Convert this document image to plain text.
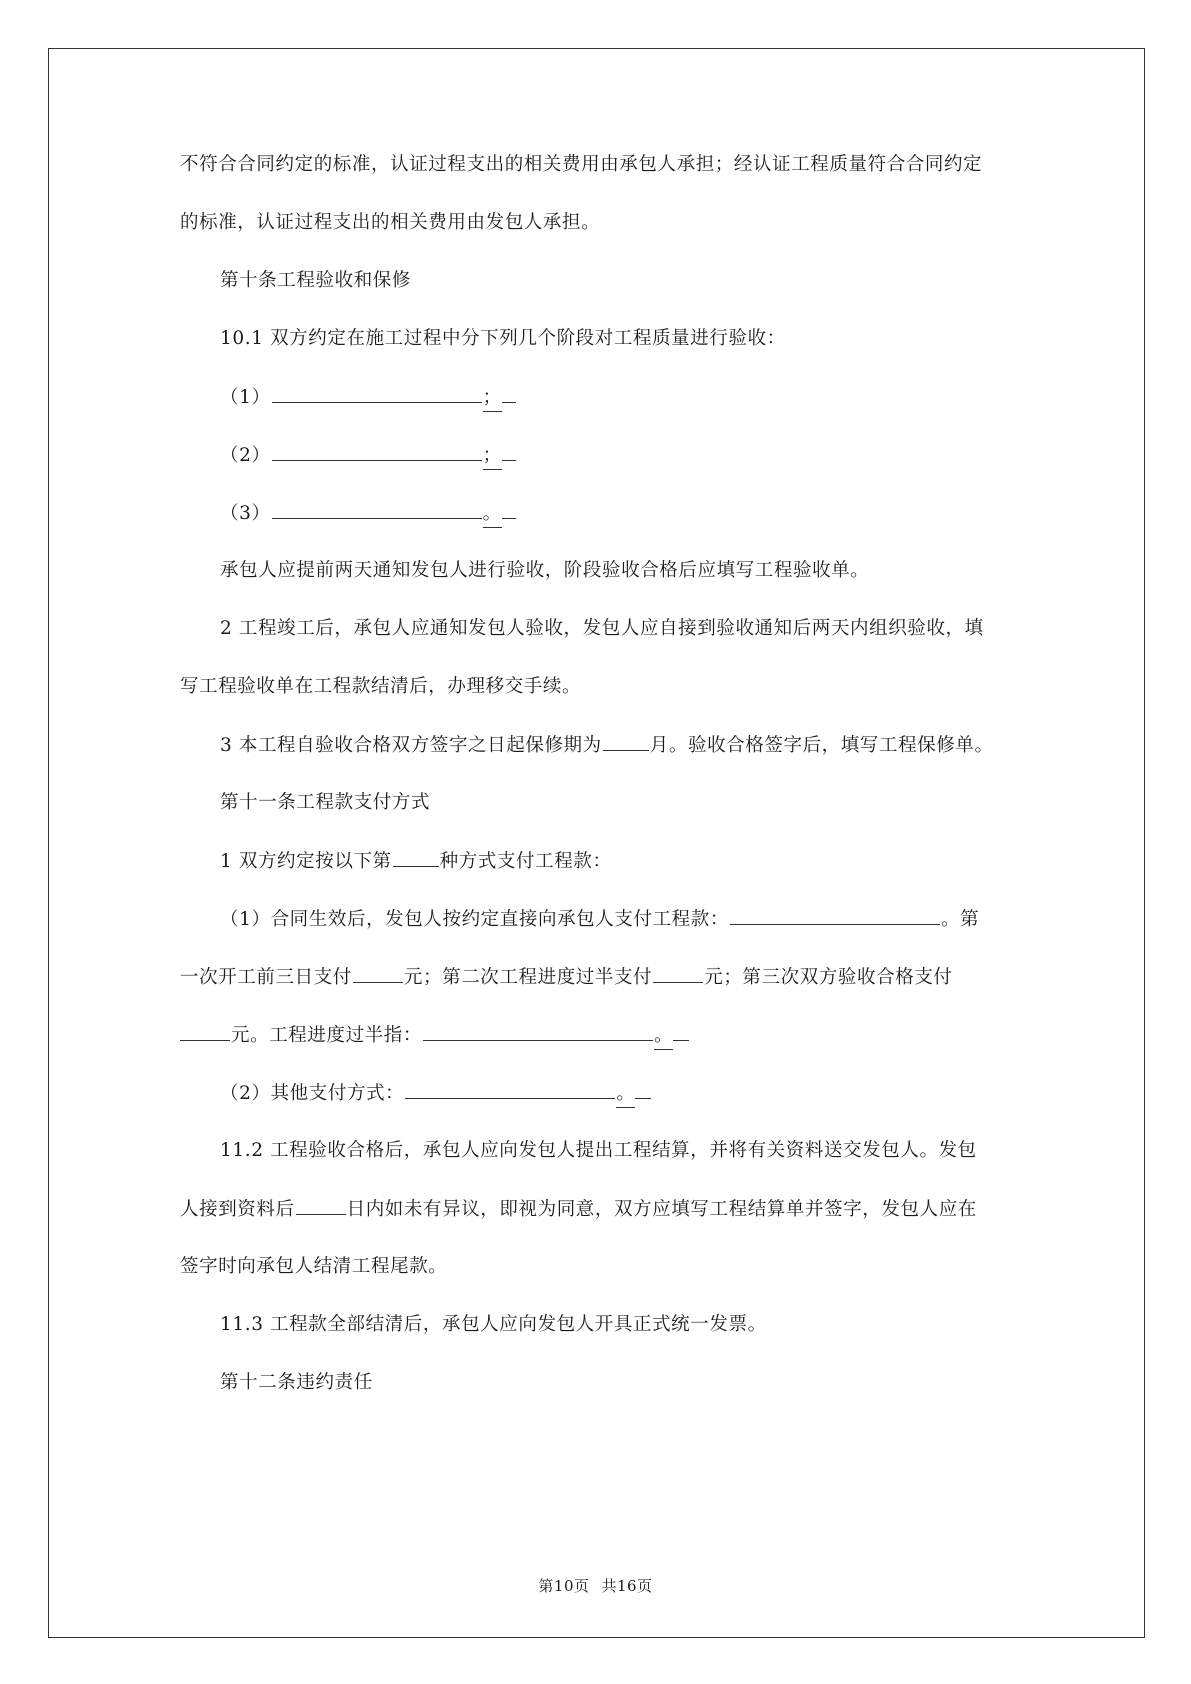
不符合合同约定的标准，认证过程支出的相关费用由承包人承担；经认证工程质量符合合同约定
的标准，认证过程支出的相关费用由发包人承担。
第十条工程验收和保修
10.1 双方约定在施工过程中分下列几个阶段对工程质量进行验收：
（1）	；
（2）	；
（3）	。
承包人应提前两天通知发包人进行验收，阶段验收合格后应填写工程验收单。
2 工程竣工后，承包人应通知发包人验收，发包人应自接到验收通知后两天内组织验收，填
写工程验收单在工程款结清后，办理移交手续。
3 本工程自验收合格双方签字之日起保修期为	月。验收合格签字后，填写工程保修单。
第十一条工程款支付方式
1 双方约定按以下第	种方式支付工程款：
（1）合同生效后，发包人按约定直接向承包人支付工程款：	。第
一次开工前三日支付	元；第二次工程进度过半支付	元；第三次双方验收合格支付
元。工程进度过半指：	。
（2）其他支付方式：	。
11.2 工程验收合格后，承包人应向发包人提出工程结算，并将有关资料送交发包人。发包
人接到资料后	日内如未有异议，即视为同意，双方应填写工程结算单并签字，发包人应在
签字时向承包人结清工程尾款。
11.3 工程款全部结清后，承包人应向发包人开具正式统一发票。
第十二条违约责任
第10页 共16页
